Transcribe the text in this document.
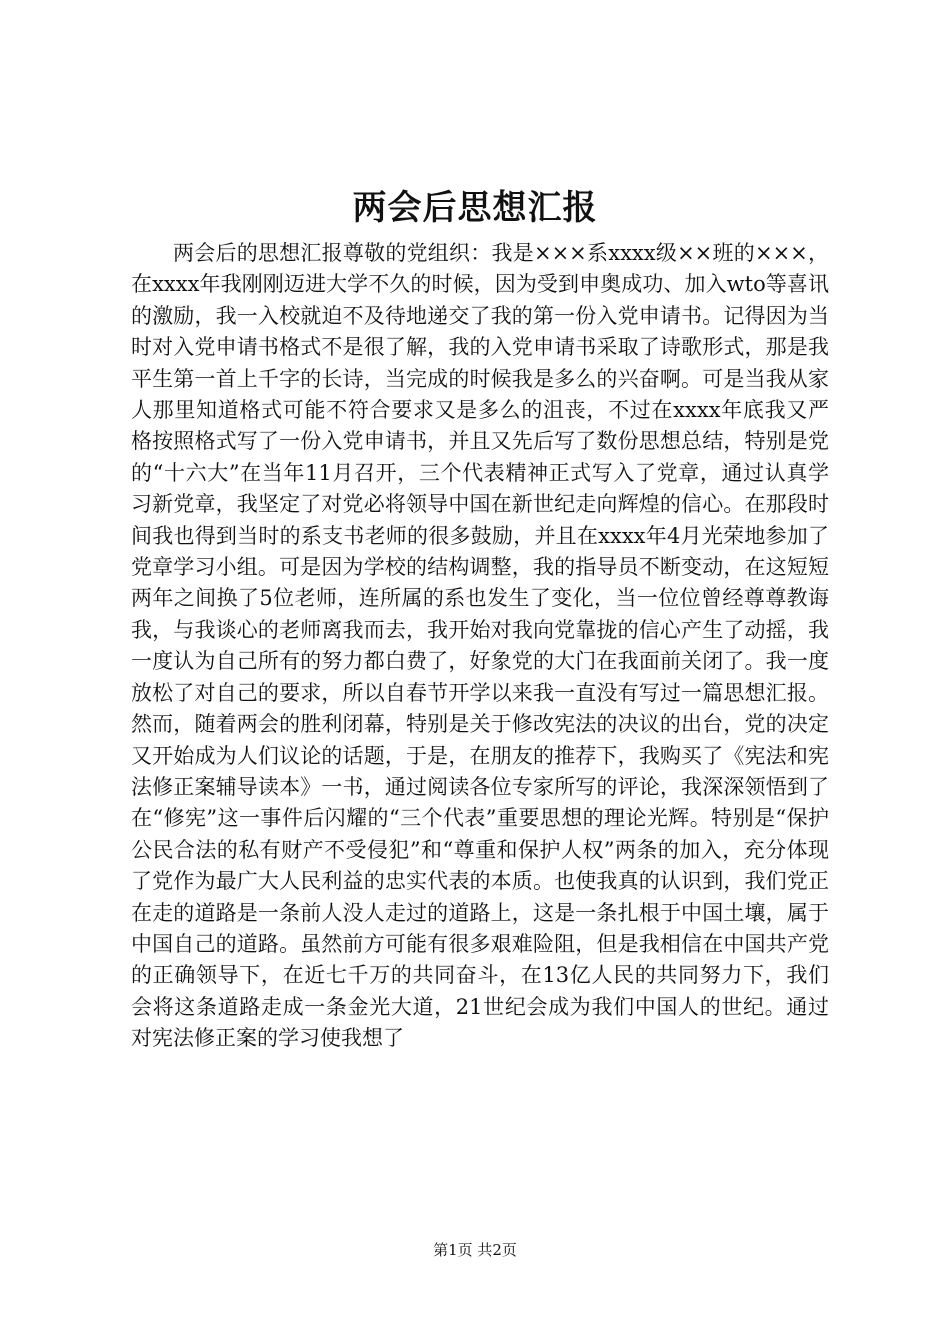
两会后思想汇报

两会后的思想汇报尊敬的党组织：我是×××系xxxx级××班的×××，在xxxx年我刚刚迈进大学不久的时候，因为受到申奥成功、加入wto等喜讯的激励，我一入校就迫不及待地递交了我的第一份入党申请书。记得因为当时对入党申请书格式不是很了解，我的入党申请书采取了诗歌形式，那是我平生第一首上千字的长诗，当完成的时候我是多么的兴奋啊。可是当我从家人那里知道格式可能不符合要求又是多么的沮丧，不过在xxxx年底我又严格按照格式写了一份入党申请书，并且又先后写了数份思想总结，特别是党的“十六大”在当年11月召开，三个代表精神正式写入了党章，通过认真学习新党章，我坚定了对党必将领导中国在新世纪走向辉煌的信心。在那段时间我也得到当时的系支书老师的很多鼓励，并且在xxxx年4月光荣地参加了党章学习小组。可是因为学校的结构调整，我的指导员不断变动，在这短短两年之间换了5位老师，连所属的系也发生了变化，当一位位曾经尊尊教诲我，与我谈心的老师离我而去，我开始对我向党靠拢的信心产生了动摇，我一度认为自己所有的努力都白费了，好象党的大门在我面前关闭了。我一度放松了对自己的要求，所以自春节开学以来我一直没有写过一篇思想汇报。然而，随着两会的胜利闭幕，特别是关于修改宪法的决议的出台，党的决定又开始成为人们议论的话题，于是，在朋友的推荐下，我购买了《宪法和宪法修正案辅导读本》一书，通过阅读各位专家所写的评论，我深深领悟到了在“修宪”这一事件后闪耀的“三个代表”重要思想的理论光辉。特别是“保护公民合法的私有财产不受侵犯”和“尊重和保护人权”两条的加入，充分体现了党作为最广大人民利益的忠实代表的本质。也使我真的认识到，我们党正在走的道路是一条前人没人走过的道路上，这是一条扎根于中国土壤，属于中国自己的道路。虽然前方可能有很多艰难险阻，但是我相信在中国共产党的正确领导下，在近七千万的共同奋斗，在13亿人民的共同努力下，我们会将这条道路走成一条金光大道，21世纪会成为我们中国人的世纪。通过对宪法修正案的学习使我想了

第1页 共2页
